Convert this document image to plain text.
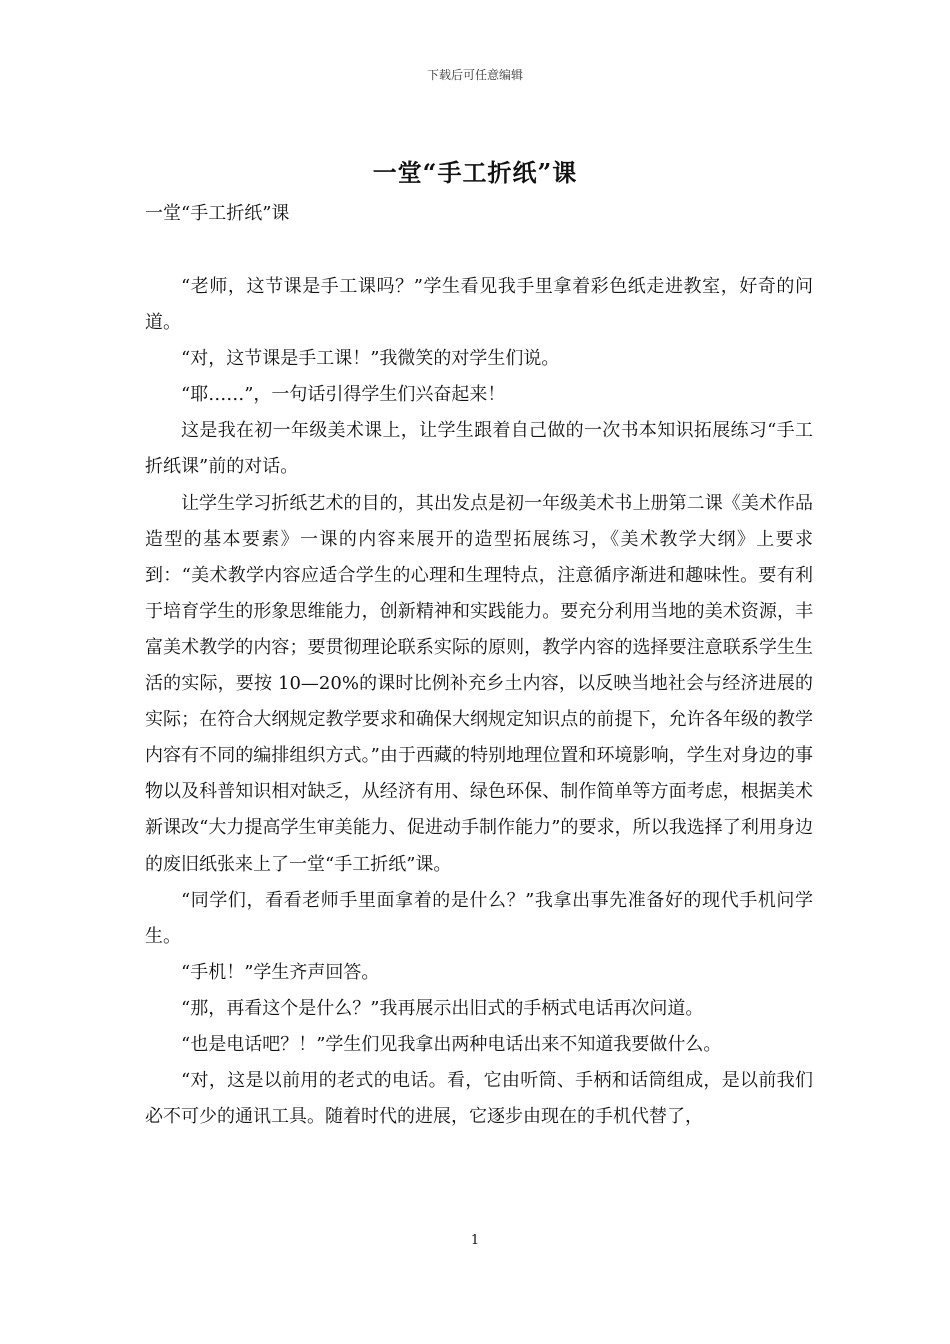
下载后可任意编辑
一堂“手工折纸”课
一堂“手工折纸”课

“老师，这节课是手工课吗？”学生看见我手里拿着彩色纸走进教室，好奇的问道。

“对，这节课是手工课！”我微笑的对学生们说。

“耶……”，一句话引得学生们兴奋起来！

这是我在初一年级美术课上，让学生跟着自己做的一次书本知识拓展练习“手工折纸课”前的对话。

让学生学习折纸艺术的目的，其出发点是初一年级美术书上册第二课《美术作品造型的基本要素》一课的内容来展开的造型拓展练习，《美术教学大纲》上要求到：“美术教学内容应适合学生的心理和生理特点，注意循序渐进和趣味性。要有利于培育学生的形象思维能力，创新精神和实践能力。要充分利用当地的美术资源，丰富美术教学的内容；要贯彻理论联系实际的原则，教学内容的选择要注意联系学生生活的实际，要按 10—20%的课时比例补充乡土内容，以反映当地社会与经济进展的实际；在符合大纲规定教学要求和确保大纲规定知识点的前提下，允许各年级的教学内容有不同的编排组织方式。”由于西藏的特别地理位置和环境影响，学生对身边的事物以及科普知识相对缺乏，从经济有用、绿色环保、制作简单等方面考虑，根据美术新课改“大力提高学生审美能力、促进动手制作能力”的要求，所以我选择了利用身边的废旧纸张来上了一堂“手工折纸”课。

“同学们，看看老师手里面拿着的是什么？”我拿出事先准备好的现代手机问学生。

“手机！”学生齐声回答。

“那，再看这个是什么？”我再展示出旧式的手柄式电话再次问道。

“也是电话吧？！”学生们见我拿出两种电话出来不知道我要做什么。

“对，这是以前用的老式的电话。看，它由听筒、手柄和话筒组成，是以前我们必不可少的通讯工具。随着时代的进展，它逐步由现在的手机代替了，

1
